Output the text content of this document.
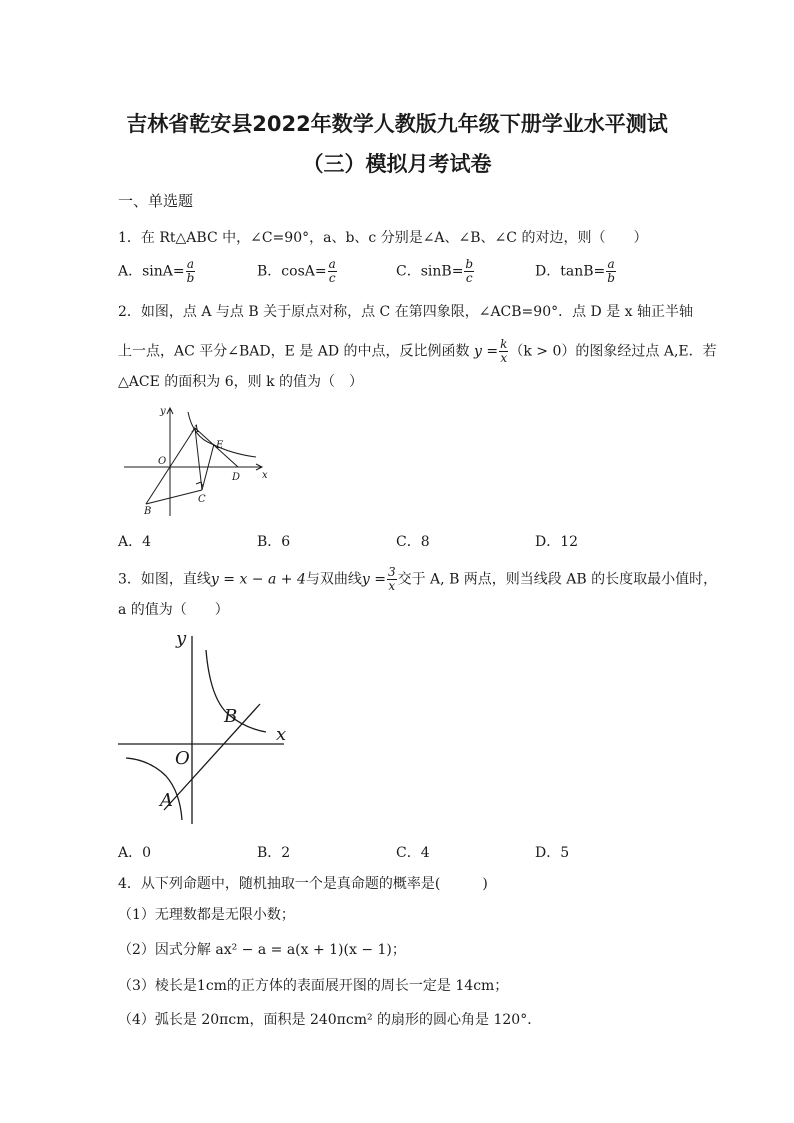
吉林省乾安县2022年数学人教版九年级下册学业水平测试
（三）模拟月考试卷
一、单选题
1．在 Rt△ABC 中，∠C=90°，a、b、c 分别是∠A、∠B、∠C 的对边，则（　　）
A．$\sin A= \frac{a}{b}$	B．$\cos A= \frac{a}{c}$	C．$\sin B= \frac{b}{c}$	D．$\tan B= \frac{a}{b}$
2．如图，点 A 与点 B 关于原点对称，点 C 在第四象限，∠ACB=90°．点 D 是 x 轴正半轴
上一点，AC 平分∠BAD，E 是 AD 的中点，反比例函数 $y = \frac{k}{x} (k > 0)$的图象经过点 A,E．若
△ACE 的面积为 6，则 k 的值为（　）
y
x
O
A
E
D
B
C
A．4	B．6	C．8	D．12
3．如图，直线y = x − a + 4与双曲线$y = \frac{3}{x}$ 交于 A, B 两点，则当线段 AB 的长度取最小值时，
a 的值为（　　）
y
x
O
A
B
A．0	B．2	C．4	D．5
4．从下列命题中，随机抽取一个是真命题的概率是(　　　)
（1）无理数都是无限小数；
（2）因式分解 ax² − a = a(x + 1)(x − 1)；
（3）棱长是1cm的正方体的表面展开图的周长一定是 14cm；
（4）弧长是 20πcm，面积是 240πcm² 的扇形的圆心角是 120°．
